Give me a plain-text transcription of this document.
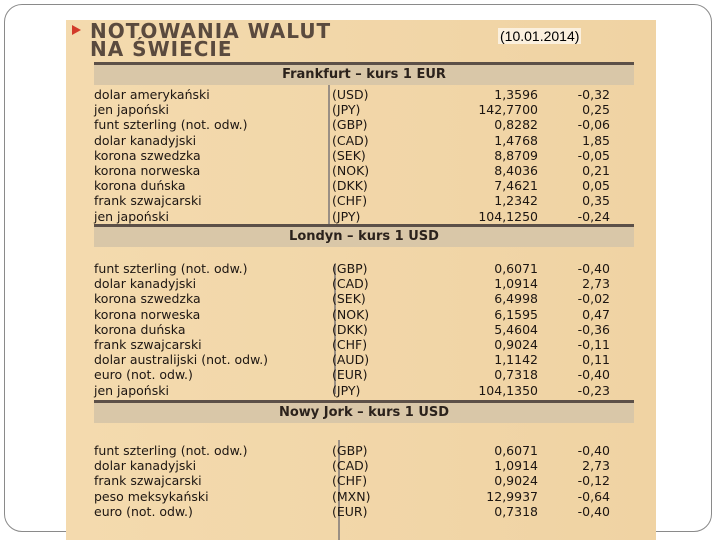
NOTOWANIA WALUT
NA ŚWIECIE
Frankfurt – kurs 1 EUR
dolar amerykański	(USD)	1,3596	-0,32
jen japoński	(JPY)	142,7700	0,25
funt szterling (not. odw.)	(GBP)	0,8282	-0,06
dolar kanadyjski	(CAD)	1,4768	1,85
korona szwedzka	(SEK)	8,8709	-0,05
korona norweska	(NOK)	8,4036	0,21
korona duńska	(DKK)	7,4621	0,05
frank szwajcarski	(CHF)	1,2342	0,35
jen japoński	(JPY)	104,1250	-0,24
Londyn – kurs 1 USD
funt szterling (not. odw.)	(GBP)	0,6071	-0,40
dolar kanadyjski	(CAD)	1,0914	2,73
korona szwedzka	(SEK)	6,4998	-0,02
korona norweska	(NOK)	6,1595	0,47
korona duńska	(DKK)	5,4604	-0,36
frank szwajcarski	(CHF)	0,9024	-0,11
dolar australijski (not. odw.)	(AUD)	1,1142	0,11
euro (not. odw.)	(EUR)	0,7318	-0,40
jen japoński	(JPY)	104,1350	-0,23
Nowy Jork – kurs 1 USD
funt szterling (not. odw.)	(GBP)	0,6071	-0,40
dolar kanadyjski	(CAD)	1,0914	2,73
frank szwajcarski	(CHF)	0,9024	-0,12
peso meksykański	(MXN)	12,9937	-0,64
euro (not. odw.)	(EUR)	0,7318	-0,40
(10.01.2014)
